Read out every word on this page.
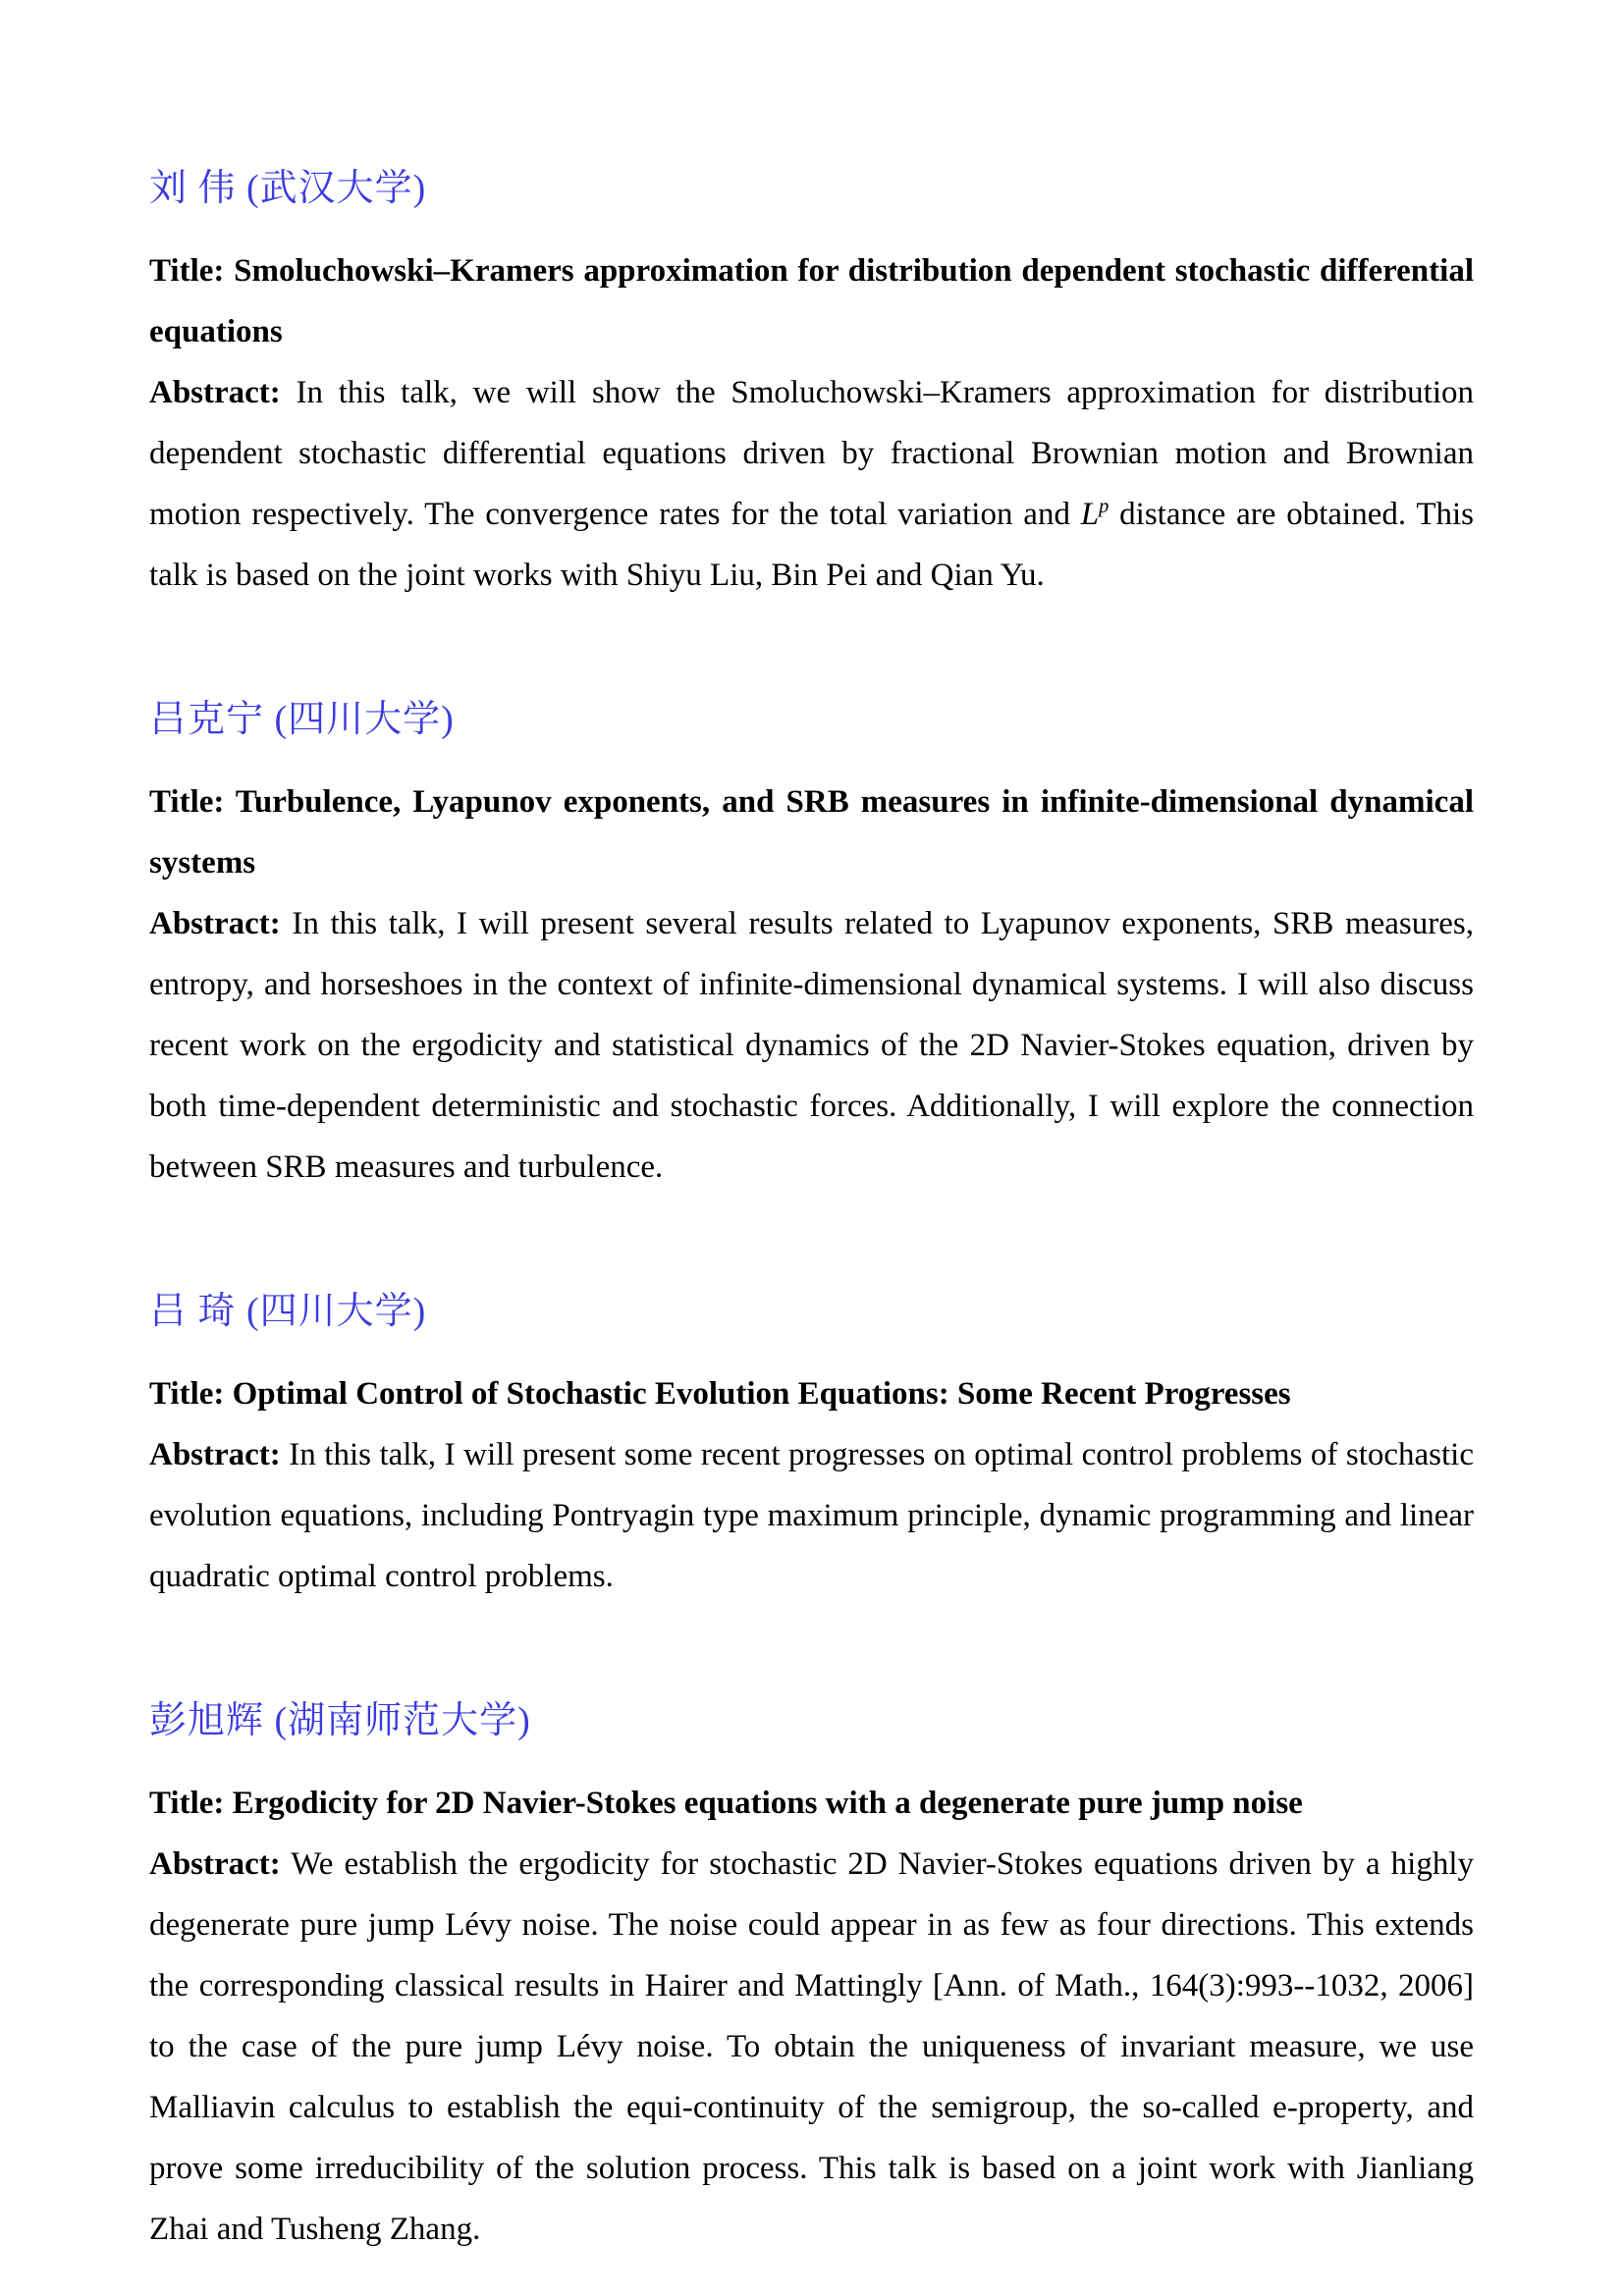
刘 伟 (武汉大学)

Title: Smoluchowski–Kramers approximation for distribution dependent stochastic differential equations

Abstract: In this talk, we will show the Smoluchowski–Kramers approximation for distribution dependent stochastic differential equations driven by fractional Brownian motion and Brownian motion respectively. The convergence rates for the total variation and $L^p$ distance are obtained. This talk is based on the joint works with Shiyu Liu, Bin Pei and Qian Yu.

吕克宁 (四川大学)

Title: Turbulence, Lyapunov exponents, and SRB measures in infinite-dimensional dynamical systems

Abstract: In this talk, I will present several results related to Lyapunov exponents, SRB measures, entropy, and horseshoes in the context of infinite-dimensional dynamical systems. I will also discuss recent work on the ergodicity and statistical dynamics of the 2D Navier-Stokes equation, driven by both time-dependent deterministic and stochastic forces. Additionally, I will explore the connection between SRB measures and turbulence.

吕 琦 (四川大学)

Title: Optimal Control of Stochastic Evolution Equations: Some Recent Progresses

Abstract: In this talk, I will present some recent progresses on optimal control problems of stochastic evolution equations, including Pontryagin type maximum principle, dynamic programming and linear quadratic optimal control problems.

彭旭辉 (湖南师范大学)

Title: Ergodicity for 2D Navier-Stokes equations with a degenerate pure jump noise

Abstract: We establish the ergodicity for stochastic 2D Navier-Stokes equations driven by a highly degenerate pure jump Lévy noise. The noise could appear in as few as four directions. This extends the corresponding classical results in Hairer and Mattingly [Ann. of Math., 164(3):993--1032, 2006] to the case of the pure jump Lévy noise. To obtain the uniqueness of invariant measure, we use Malliavin calculus to establish the equi-continuity of the semigroup, the so-called e-property, and prove some irreducibility of the solution process. This talk is based on a joint work with Jianliang Zhai and Tusheng Zhang.
